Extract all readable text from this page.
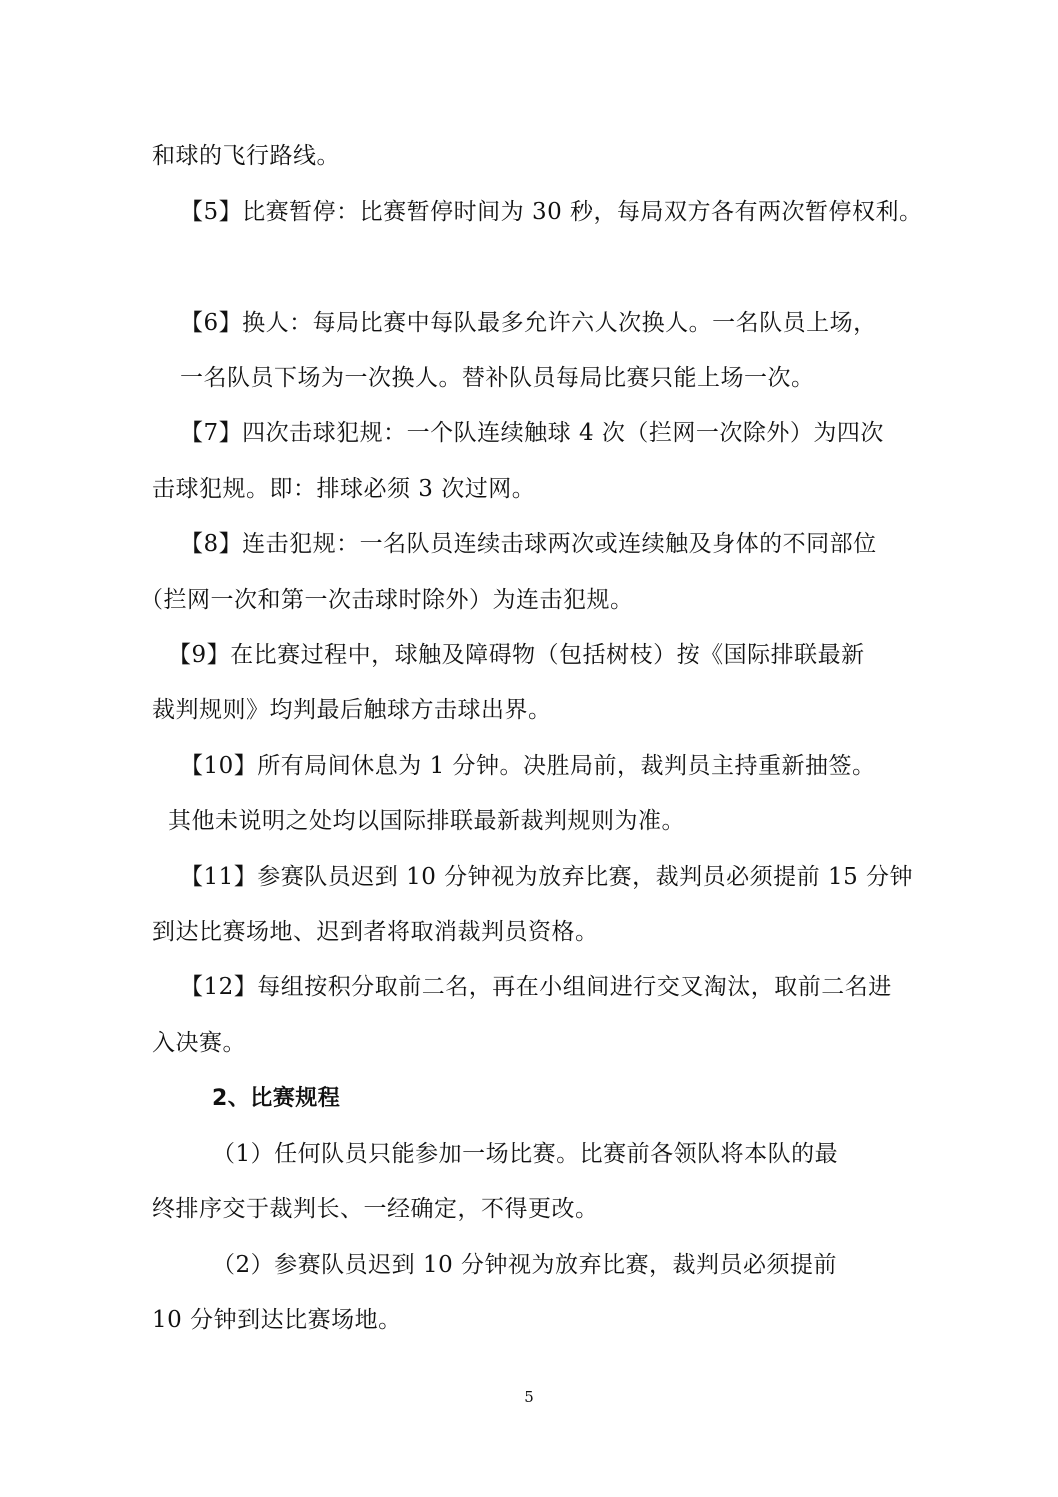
和球的飞行路线。
【5】比赛暂停：比赛暂停时间为 30 秒，每局双方各有两次暂停权利。
【6】换人：每局比赛中每队最多允许六人次换人。一名队员上场，
一名队员下场为一次换人。替补队员每局比赛只能上场一次。
【7】四次击球犯规：一个队连续触球 4 次（拦网一次除外）为四次
击球犯规。即：排球必须 3 次过网。
【8】连击犯规：一名队员连续击球两次或连续触及身体的不同部位
（拦网一次和第一次击球时除外）为连击犯规。
【9】在比赛过程中，球触及障碍物（包括树枝）按《国际排联最新
裁判规则》均判最后触球方击球出界。
【10】所有局间休息为 1 分钟。决胜局前，裁判员主持重新抽签。
其他未说明之处均以国际排联最新裁判规则为准。
【11】参赛队员迟到 10 分钟视为放弃比赛，裁判员必须提前 15 分钟
到达比赛场地、迟到者将取消裁判员资格。
【12】每组按积分取前二名，再在小组间进行交叉淘汰，取前二名进
入决赛。
2、比赛规程
（1）任何队员只能参加一场比赛。比赛前各领队将本队的最
终排序交于裁判长、一经确定，不得更改。
（2）参赛队员迟到 10 分钟视为放弃比赛，裁判员必须提前
10 分钟到达比赛场地。
5
